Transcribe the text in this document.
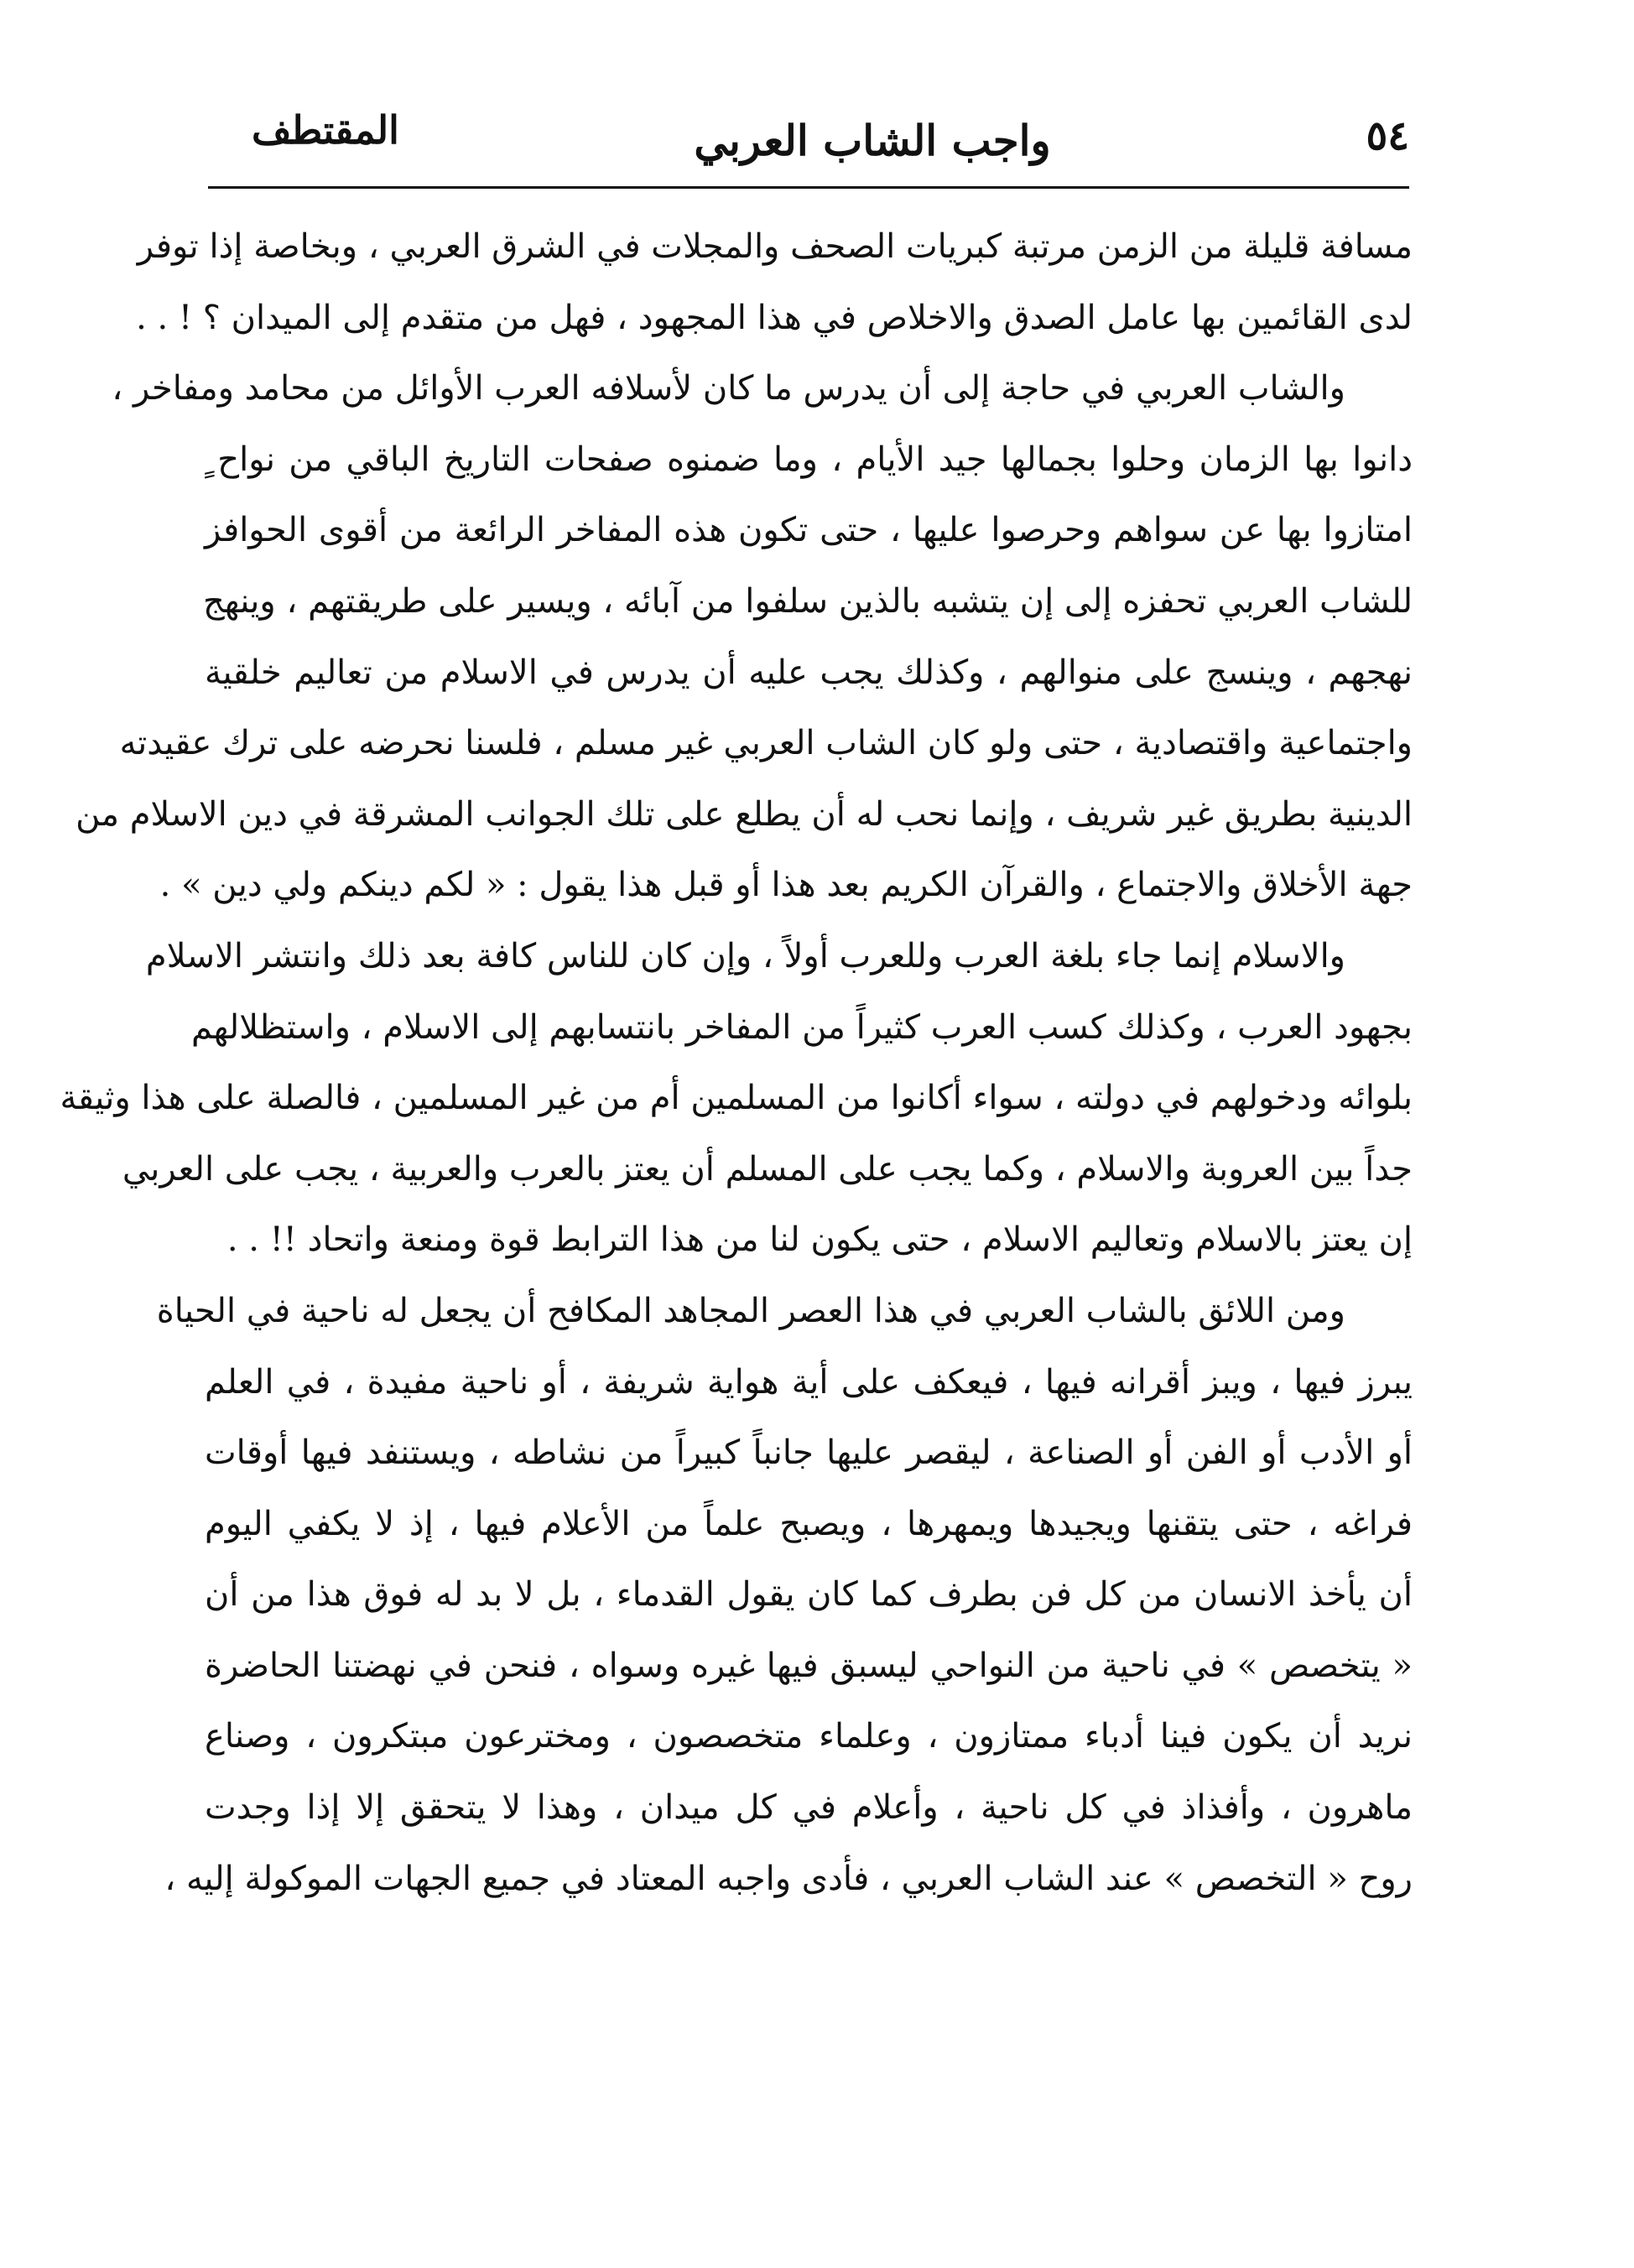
المقتطف	واجب الشاب العربي	٥٤
مسافة قليلة من الزمن مرتبة كبريات الصحف والمجلات في الشرق العربي ، وبخاصة إذا توفر
لدى القائمين بها عامل الصدق والاخلاص في هذا المجهود ، فهل من متقدم إلى الميدان ؟ ! . .
والشاب العربي في حاجة إلى أن يدرس ما كان لأسلافه العرب الأوائل من محامد ومفاخر ،
دانوا بها الزمان وحلوا بجمالها جيد الأيام ، وما ضمنوه صفحات التاريخ الباقي من نواح ٍ
امتازوا بها عن سواهم وحرصوا عليها ، حتى تكون هذه المفاخر الرائعة من أقوى الحوافز
للشاب العربي تحفزه إلى إن يتشبه بالذين سلفوا من آبائه ، ويسير على طريقتهم ، وينهج
نهجهم ، وينسج على منوالهم ، وكذلك يجب عليه أن يدرس في الاسلام من تعاليم خلقية
واجتماعية واقتصادية ، حتى ولو كان الشاب العربي غير مسلم ، فلسنا نحرضه على ترك عقيدته
الدينية بطريق غير شريف ، وإنما نحب له أن يطلع على تلك الجوانب المشرقة في دين الاسلام من
جهة الأخلاق والاجتماع ، والقرآن الكريم بعد هذا أو قبل هذا يقول : « لكم دينكم ولي دين » .
والاسلام إنما جاء بلغة العرب وللعرب أولاً ، وإن كان للناس كافة بعد ذلك وانتشر الاسلام
بجهود العرب ، وكذلك كسب العرب كثيراً من المفاخر بانتسابهم إلى الاسلام ، واستظلالهم
بلوائه ودخولهم في دولته ، سواء أكانوا من المسلمين أم من غير المسلمين ، فالصلة على هذا وثيقة
جداً بين العروبة والاسلام ، وكما يجب على المسلم أن يعتز بالعرب والعربية ، يجب على العربي
إن يعتز بالاسلام وتعاليم الاسلام ، حتى يكون لنا من هذا الترابط قوة ومنعة واتحاد !! . .
ومن اللائق بالشاب العربي في هذا العصر المجاهد المكافح أن يجعل له ناحية في الحياة
يبرز فيها ، ويبز أقرانه فيها ، فيعكف على أية هواية شريفة ، أو ناحية مفيدة ، في العلم
أو الأدب أو الفن أو الصناعة ، ليقصر عليها جانباً كبيراً من نشاطه ، ويستنفد فيها أوقات
فراغه ، حتى يتقنها ويجيدها ويمهرها ، ويصبح علماً من الأعلام فيها ، إذ لا يكفي اليوم
أن يأخذ الانسان من كل فن بطرف كما كان يقول القدماء ، بل لا بد له فوق هذا من أن
« يتخصص » في ناحية من النواحي ليسبق فيها غيره وسواه ، فنحن في نهضتنا الحاضرة
نريد أن يكون فينا أدباء ممتازون ، وعلماء متخصصون ، ومخترعون مبتكرون ، وصناع
ماهرون ، وأفذاذ في كل ناحية ، وأعلام في كل ميدان ، وهذا لا يتحقق إلا إذا وجدت
روح « التخصص » عند الشاب العربي ، فأدى واجبه المعتاد في جميع الجهات الموكولة إليه ،
